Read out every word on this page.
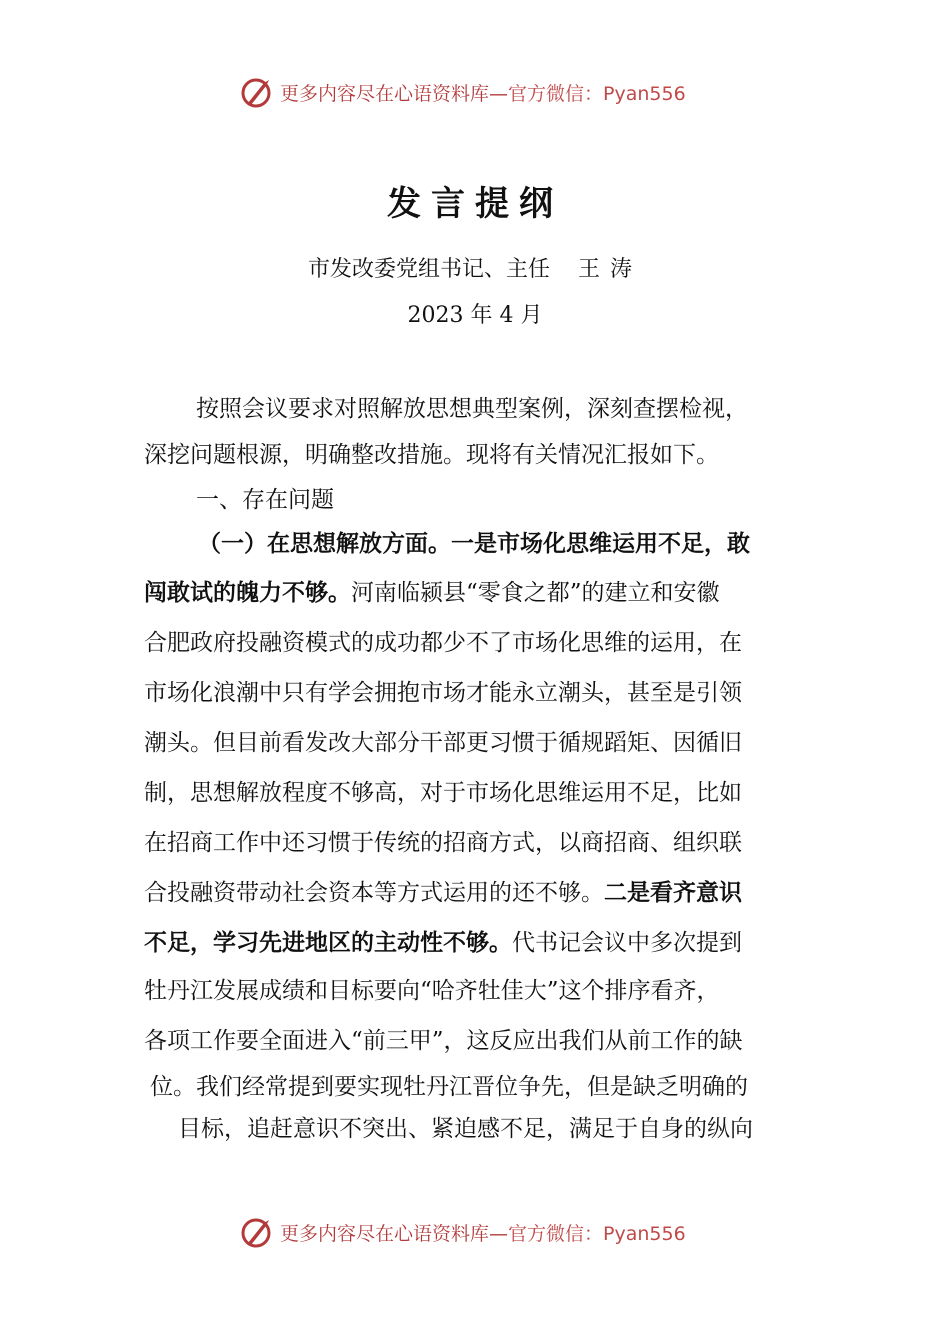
更多内容尽在心语资料库—官方微信：Pyan556
发言提纲
市发改委党组书记、主任 王涛
2023 年 4 月
按照会议要求对照解放思想典型案例，深刻查摆检视，
深挖问题根源，明确整改措施。现将有关情况汇报如下。
一、存在问题
（一）在思想解放方面。一是市场化思维运用不足，敢
闯敢试的魄力不够。河南临颍县“零食之都”的建立和安徽
合肥政府投融资模式的成功都少不了市场化思维的运用，在
市场化浪潮中只有学会拥抱市场才能永立潮头，甚至是引领
潮头。但目前看发改大部分干部更习惯于循规蹈矩、因循旧
制，思想解放程度不够高，对于市场化思维运用不足，比如
在招商工作中还习惯于传统的招商方式，以商招商、组织联
合投融资带动社会资本等方式运用的还不够。二是看齐意识
不足，学习先进地区的主动性不够。代书记会议中多次提到
牡丹江发展成绩和目标要向“哈齐牡佳大”这个排序看齐，
各项工作要全面进入“前三甲”，这反应出我们从前工作的缺
位。我们经常提到要实现牡丹江晋位争先，但是缺乏明确的
目标，追赶意识不突出、紧迫感不足，满足于自身的纵向
更多内容尽在心语资料库—官方微信：Pyan556
